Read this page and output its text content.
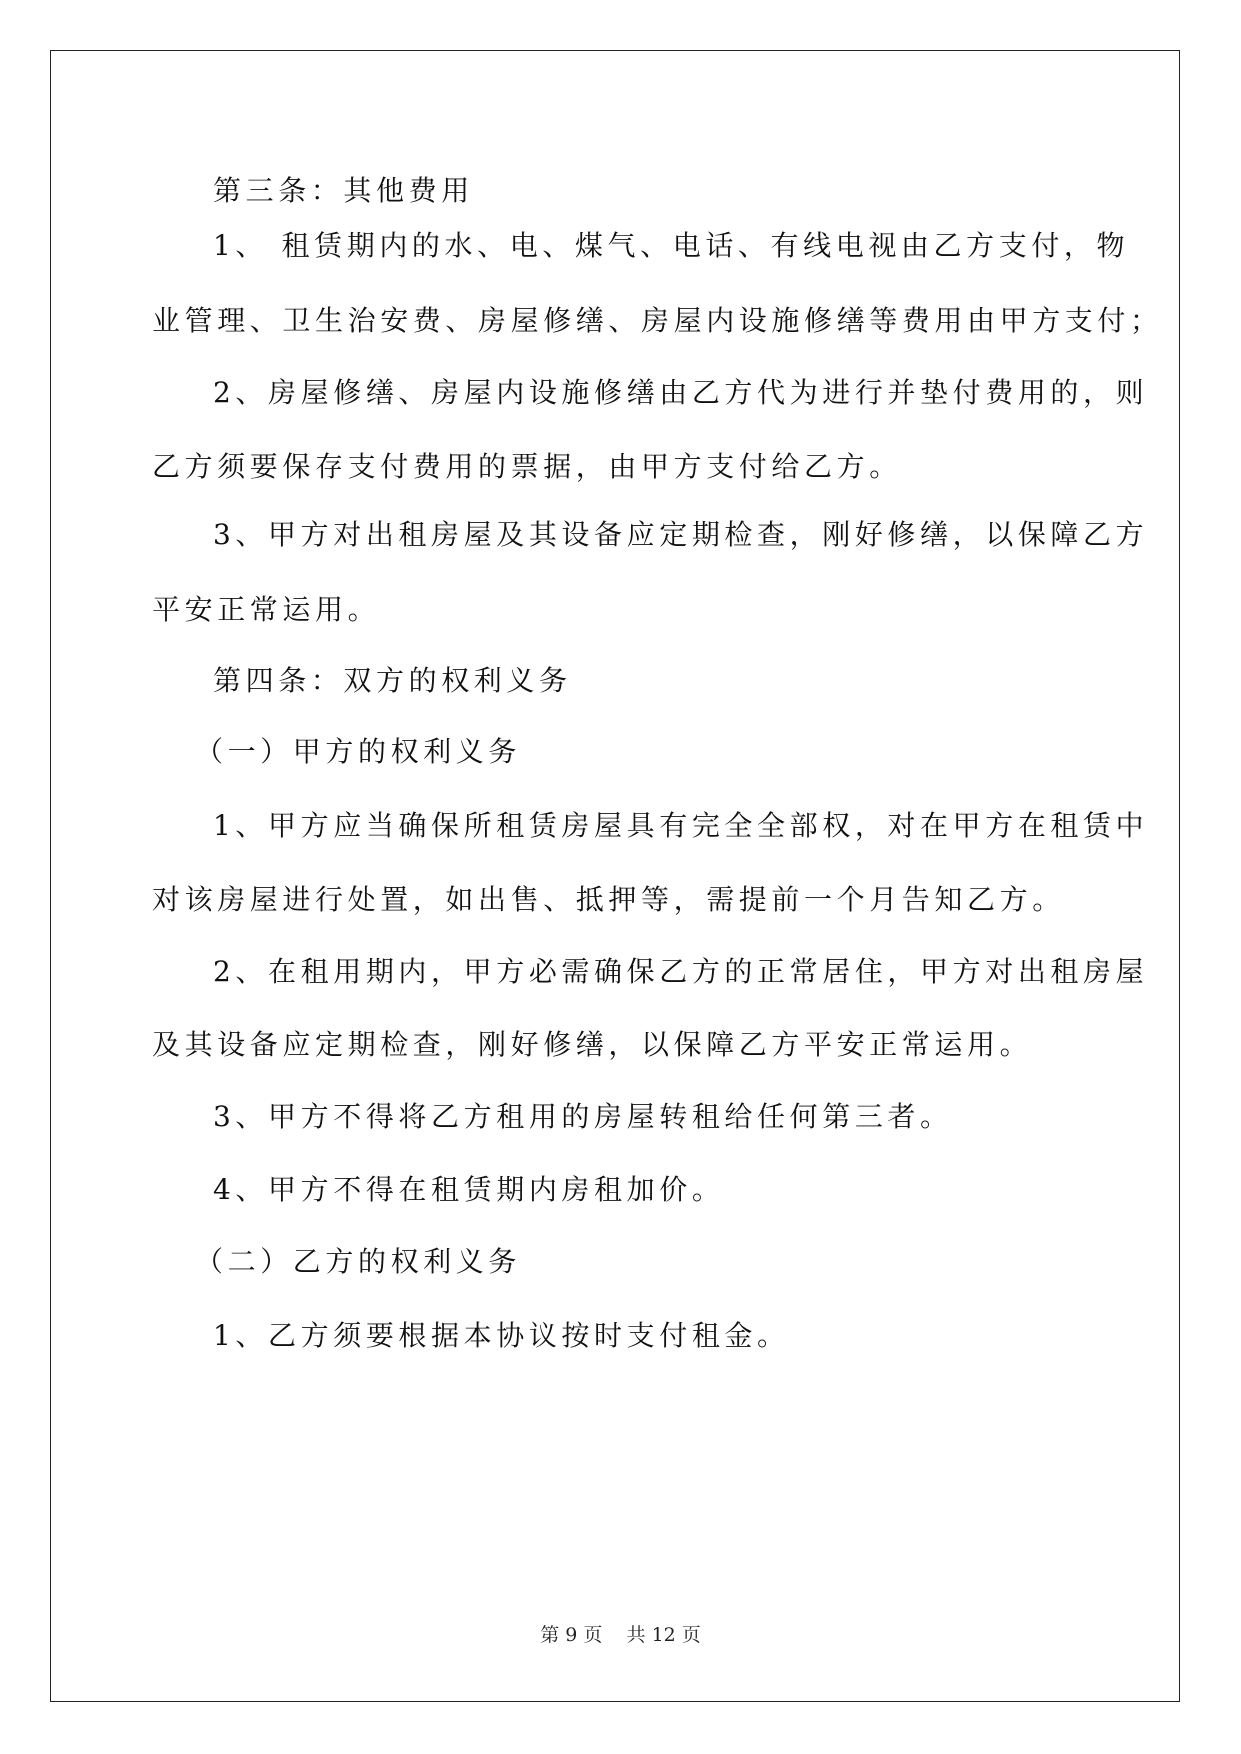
第三条：其他费用
1、 租赁期内的水、电、煤气、电话、有线电视由乙方支付，物
业管理、卫生治安费、房屋修缮、房屋内设施修缮等费用由甲方支付；
2、房屋修缮、房屋内设施修缮由乙方代为进行并垫付费用的，则
乙方须要保存支付费用的票据，由甲方支付给乙方。
3、甲方对出租房屋及其设备应定期检查，刚好修缮，以保障乙方
平安正常运用。
第四条：双方的权利义务
（一）甲方的权利义务
1、甲方应当确保所租赁房屋具有完全全部权，对在甲方在租赁中
对该房屋进行处置，如出售、抵押等，需提前一个月告知乙方。
2、在租用期内，甲方必需确保乙方的正常居住，甲方对出租房屋
及其设备应定期检查，刚好修缮，以保障乙方平安正常运用。
3、甲方不得将乙方租用的房屋转租给任何第三者。
4、甲方不得在租赁期内房租加价。
（二）乙方的权利义务
1、乙方须要根据本协议按时支付租金。
第 9 页    共 12 页
